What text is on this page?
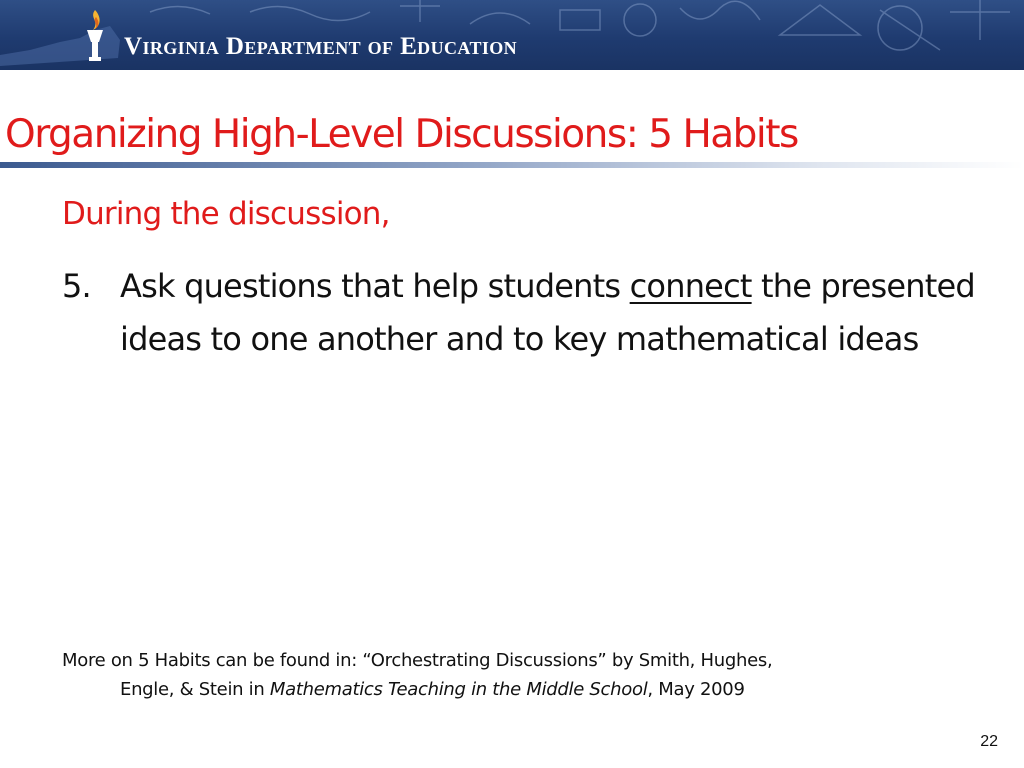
Virginia Department of Education
Organizing High-Level Discussions: 5 Habits
During the discussion,
5. Ask questions that help students connect the presented ideas to one another and to key mathematical ideas
More on 5 Habits can be found in: “Orchestrating Discussions” by Smith, Hughes,
Engle, & Stein in Mathematics Teaching in the Middle School, May 2009
22
